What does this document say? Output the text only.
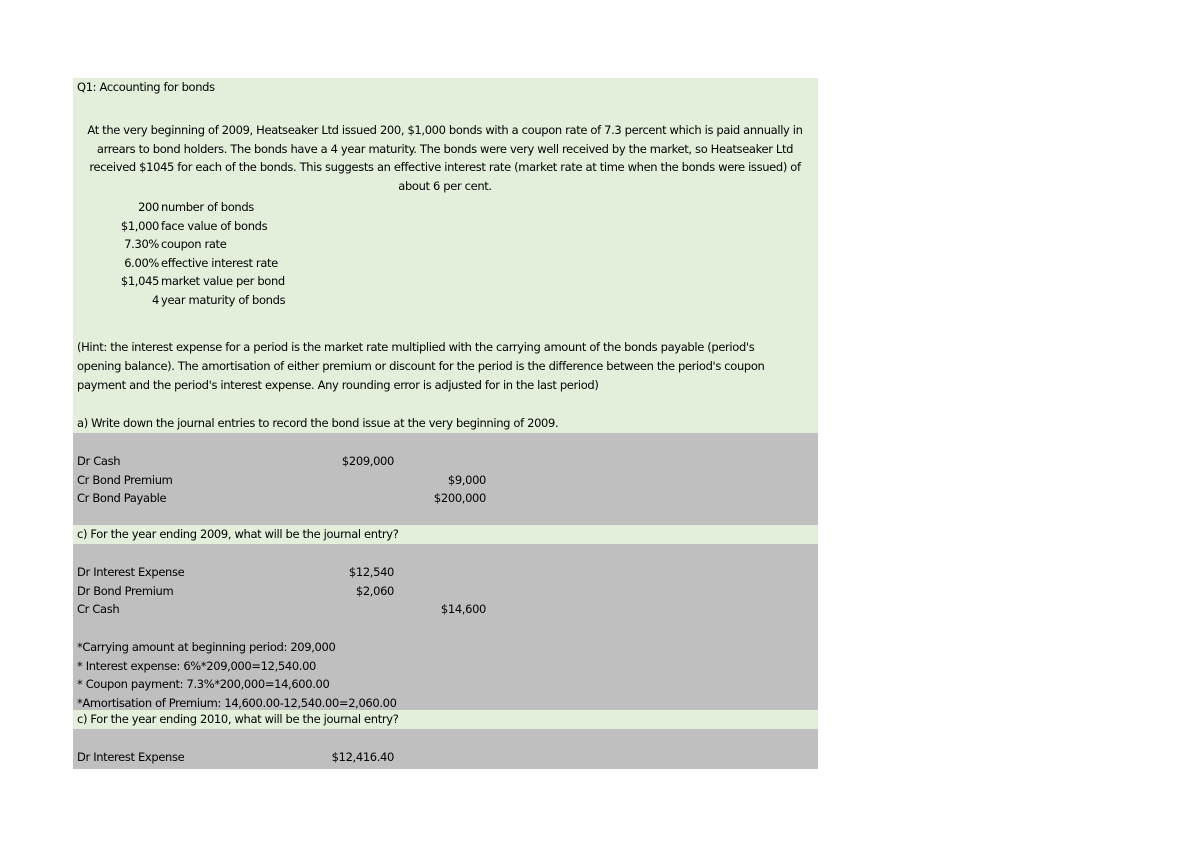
Q1: Accounting for bonds
At the very beginning of 2009, Heatseaker Ltd issued 200, $1,000 bonds with a coupon rate of 7.3 percent which is paid annually in arrears to bond holders. The bonds have a 4 year maturity. The bonds were very well received by the market, so Heatseaker Ltd received $1045 for each of the bonds. This suggests an effective interest rate (market rate at time when the bonds were issued) of about 6 per cent.
200 number of bonds
$1,000 face value of bonds
7.30% coupon rate
6.00% effective interest rate
$1,045 market value per bond
4 year maturity of bonds
(Hint: the interest expense for a period is the market rate multiplied with the carrying amount of the bonds payable (period's
opening balance). The amortisation of either premium or discount for the period is the difference between the period's coupon
payment and the period's interest expense. Any rounding error is adjusted for in the last period)
a) Write down the journal entries to record the bond issue at the very beginning of 2009.
Dr Cash	$209,000
Cr Bond Premium	$9,000
Cr Bond Payable	$200,000
c) For the year ending 2009, what will be the journal entry?
Dr Interest Expense	$12,540
Dr Bond Premium	$2,060
Cr Cash	$14,600
*Carrying amount at beginning period: 209,000
* Interest expense: 6%*209,000=12,540.00
* Coupon payment: 7.3%*200,000=14,600.00
*Amortisation of Premium: 14,600.00-12,540.00=2,060.00
c) For the year ending 2010, what will be the journal entry?
Dr Interest Expense	$12,416.40
